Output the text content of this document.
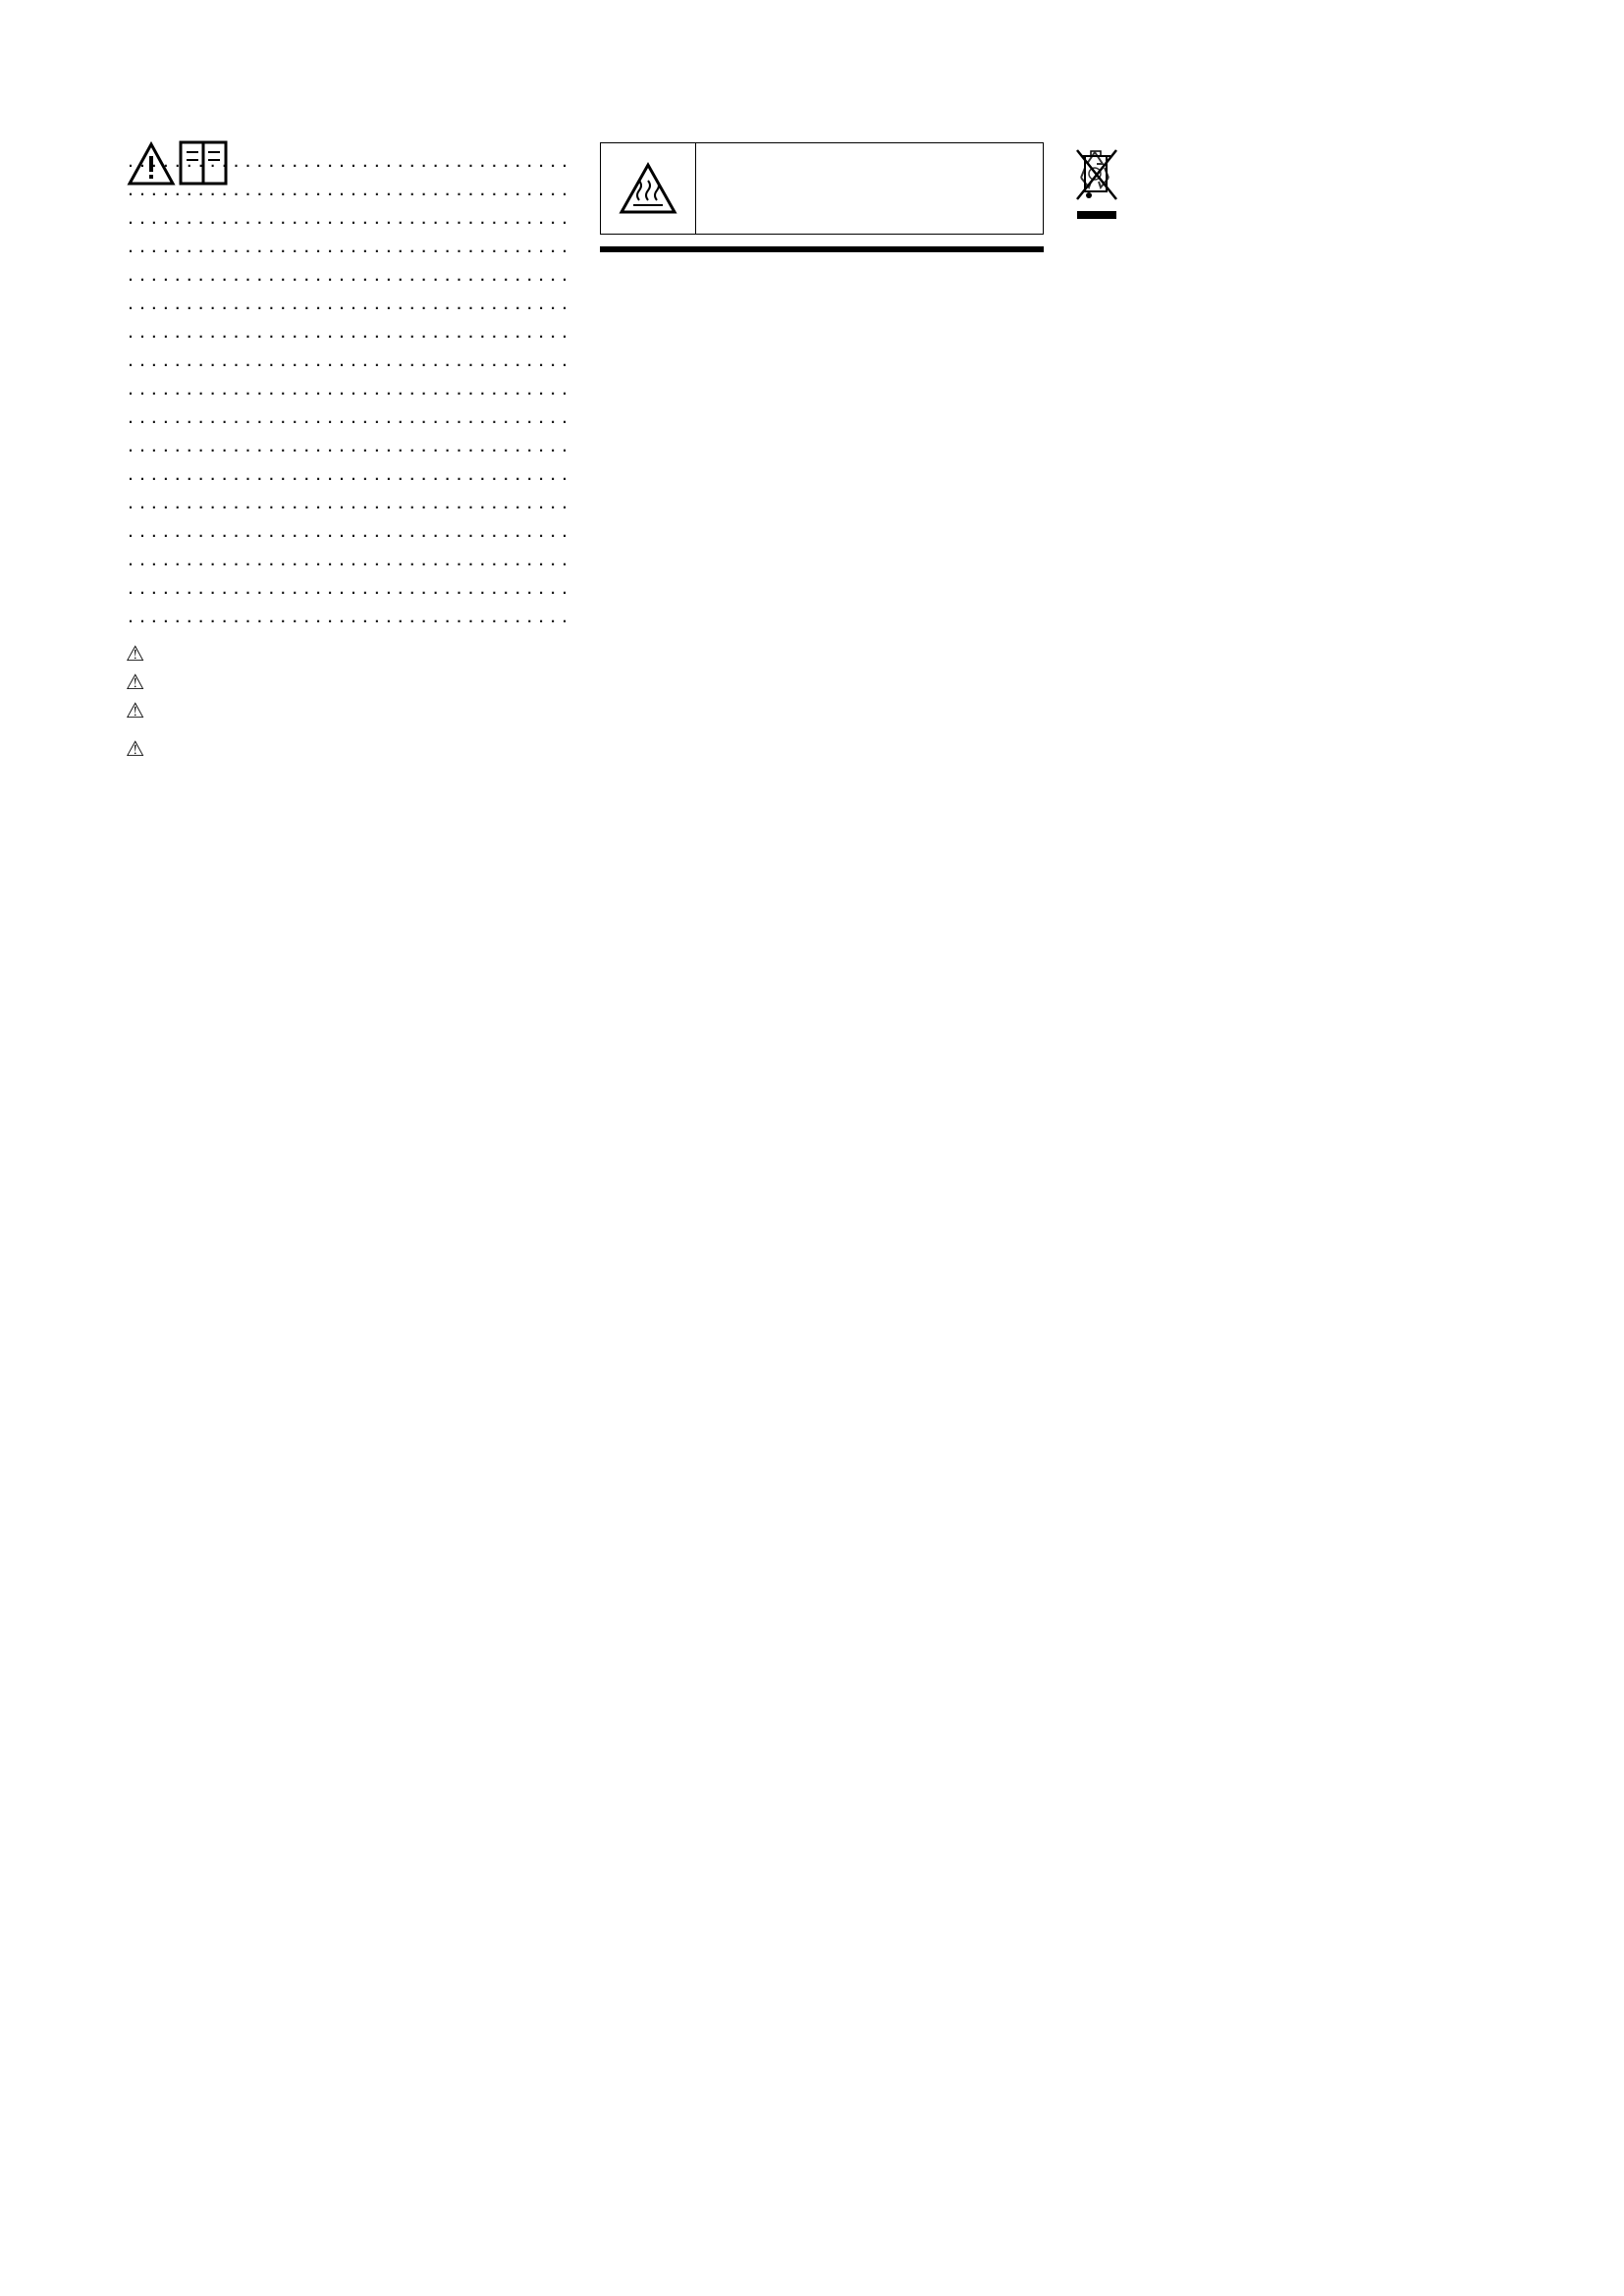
. . .
. . .

. . .
. . .
. . .
. . .
. . .
. . .
. . .
. . .
. . .
. . .
. . .
. . .
. . .

. . .
. . .

⚠

⚠

⚠

⚠
